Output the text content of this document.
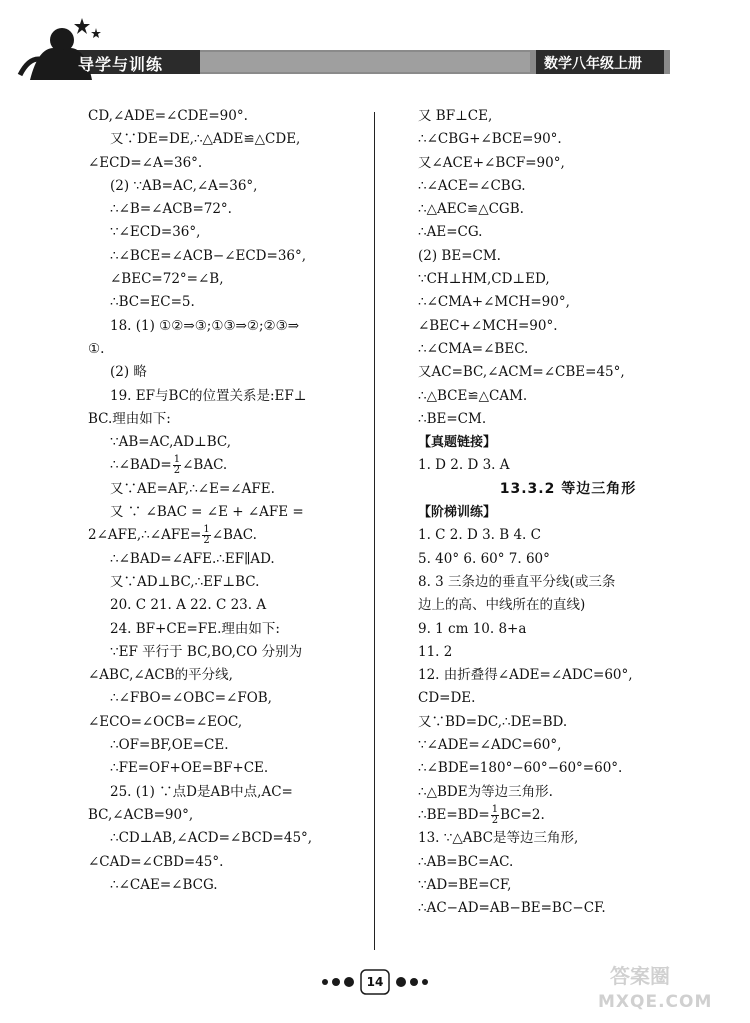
导学与训练	数学八年级上册
CD,∠ADE=∠CDE=90°.
又∵DE=DE,∴△ADE≌△CDE,
∠ECD=∠A=36°.
(2) ∵AB=AC,∠A=36°,
∴∠B=∠ACB=72°.
∵∠ECD=36°,
∴∠BCE=∠ACB−∠ECD=36°,
∠BEC=72°=∠B,
∴BC=EC=5.
18. (1) ①②⇒③;①③⇒②;②③⇒
①.
(2) 略
19. EF与BC的位置关系是:EF⊥
BC.理由如下:
∵AB=AC,AD⊥BC,
∴∠BAD= $\frac{1}{2}$ ∠BAC.
又∵AE=AF,∴∠E=∠AFE.
又 ∵ ∠BAC = ∠E + ∠AFE =
2∠AFE,∴∠AFE= $\frac{1}{2}$ ∠BAC.
∴∠BAD=∠AFE.∴EF∥AD.
又∵AD⊥BC,∴EF⊥BC.
20. C 21. A 22. C 23. A
24. BF+CE=FE.理由如下:
∵EF 平行于 BC,BO,CO 分别为
∠ABC,∠ACB的平分线,
∴∠FBO=∠OBC=∠FOB,
∠ECO=∠OCB=∠EOC,
∴OF=BF,OE=CE.
∴FE=OF+OE=BF+CE.
25. (1) ∵点D是AB中点,AC=
BC,∠ACB=90°,
∴CD⊥AB,∠ACD=∠BCD=45°,
∠CAD=∠CBD=45°.
∴∠CAE=∠BCG.
又 BF⊥CE,
∴∠CBG+∠BCE=90°.
又∠ACE+∠BCF=90°,
∴∠ACE=∠CBG.
∴△AEC≌△CGB.
∴AE=CG.
(2) BE=CM.
∵CH⊥HM,CD⊥ED,
∴∠CMA+∠MCH=90°,
∠BEC+∠MCH=90°.
∴∠CMA=∠BEC.
又AC=BC,∠ACM=∠CBE=45°,
∴△BCE≌△CAM.
∴BE=CM.
【真题链接】
1. D 2. D 3. A
13.3.2 等边三角形
【阶梯训练】
1. C 2. D 3. B 4. C
5. 40° 6. 60° 7. 60°
8. 3 三条边的垂直平分线(或三条
边上的高、中线所在的直线)
9. 1 cm 10. 8+a
11. 2
12. 由折叠得∠ADE=∠ADC=60°,
CD=DE.
又∵BD=DC,∴DE=BD.
∵∠ADE=∠ADC=60°,
∴∠BDE=180°−60°−60°=60°.
∴△BDE为等边三角形.
∴BE=BD= $\frac{1}{2} BC=2$.
13. ∵△ABC是等边三角形,
∴AB=BC=AC.
∵AD=BE=CF,
∴AC−AD=AB−BE=BC−CF.
14	答案圈
MXQE.COM
